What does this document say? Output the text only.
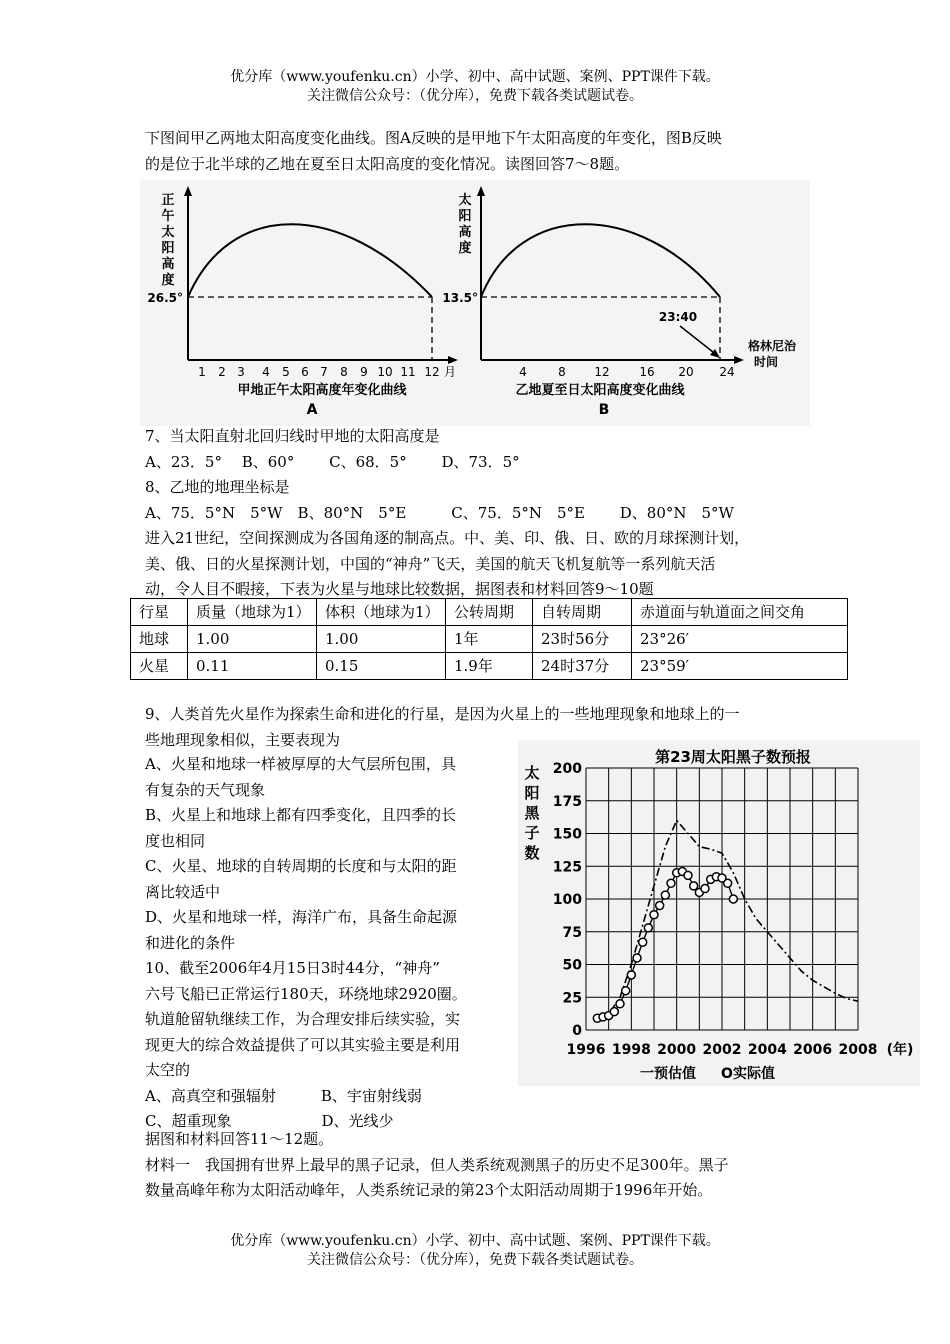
优分库（www.youfenku.cn）小学、初中、高中试题、案例、PPT课件下载。
关注微信公众号：（优分库），免费下载各类试题试卷。
下图间甲乙两地太阳高度变化曲线。图A反映的是甲地下午太阳高度的年变化，图B反映
的是位于北半球的乙地在夏至日太阳高度的变化情况。读图回答7～8题。
正
午
太
阳
高
度
26.5°
1 2 3 4 5 6 7 8 9 10 11 12 月
甲地正午太阳高度年变化曲线
A
太
阳
高
度
13.5°
4	8 12 16 20 24
23:40
格林尼治
时间
乙地夏至日太阳高度变化曲线
B
7、当太阳直射北回归线时甲地的太阳高度是
A、23．5°　 B、60°　　 C、68．5°　　 D、73．5°
8、乙地的地理坐标是
A、75．5°N　5°W　B、80°N　5°E　　　C、75．5°N　5°E　　 D、80°N　5°W
进入21世纪，空间探测成为各国角逐的制高点。中、美、印、俄、日、欧的月球探测计划，
美、俄、日的火星探测计划，中国的“神舟”飞天，美国的航天飞机复航等一系列航天活
动，令人目不暇接，下表为火星与地球比较数据，据图表和材料回答9～10题
行星	质量（地球为1）	体积（地球为1）	公转周期	自转周期	赤道面与轨道面之间交角
地球	1.00	1.00	1年	23时56分	23°26′
火星	0.11	0.15	1.9年	24时37分	23°59′
9、人类首先火星作为探索生命和进化的行星，是因为火星上的一些地理现象和地球上的一
些地理现象相似，主要表现为
A、火星和地球一样被厚厚的大气层所包围，具
有复杂的天气现象
B、火星上和地球上都有四季变化，且四季的长
度也相同
C、火星、地球的自转周期的长度和与太阳的距
离比较适中
D、火星和地球一样，海洋广布，具备生命起源
和进化的条件
10、截至2006年4月15日3时44分，“神舟”
六号飞船已正常运行180天，环绕地球2920圈。
轨道舱留轨继续工作，为合理安排后续实验，实
现更大的综合效益提供了可以其实验主要是利用
太空的
A、高真空和强辐射　　　B、宇宙射线弱
C、超重现象　　　　　　D、光线少
第23周太阳黑子数预报
太
阳
黑
子
数
0
25
50
75
100
125
150
175
200
1996 1998 2000 2002 2004 2006 2008 (年)
一预估值 O实际值
据图和材料回答11～12题。
材料一　我国拥有世界上最早的黑子记录，但人类系统观测黑子的历史不足300年。黑子
数量高峰年称为太阳活动峰年，人类系统记录的第23个太阳活动周期于1996年开始。
优分库（www.youfenku.cn）小学、初中、高中试题、案例、PPT课件下载。
关注微信公众号：（优分库），免费下载各类试题试卷。
